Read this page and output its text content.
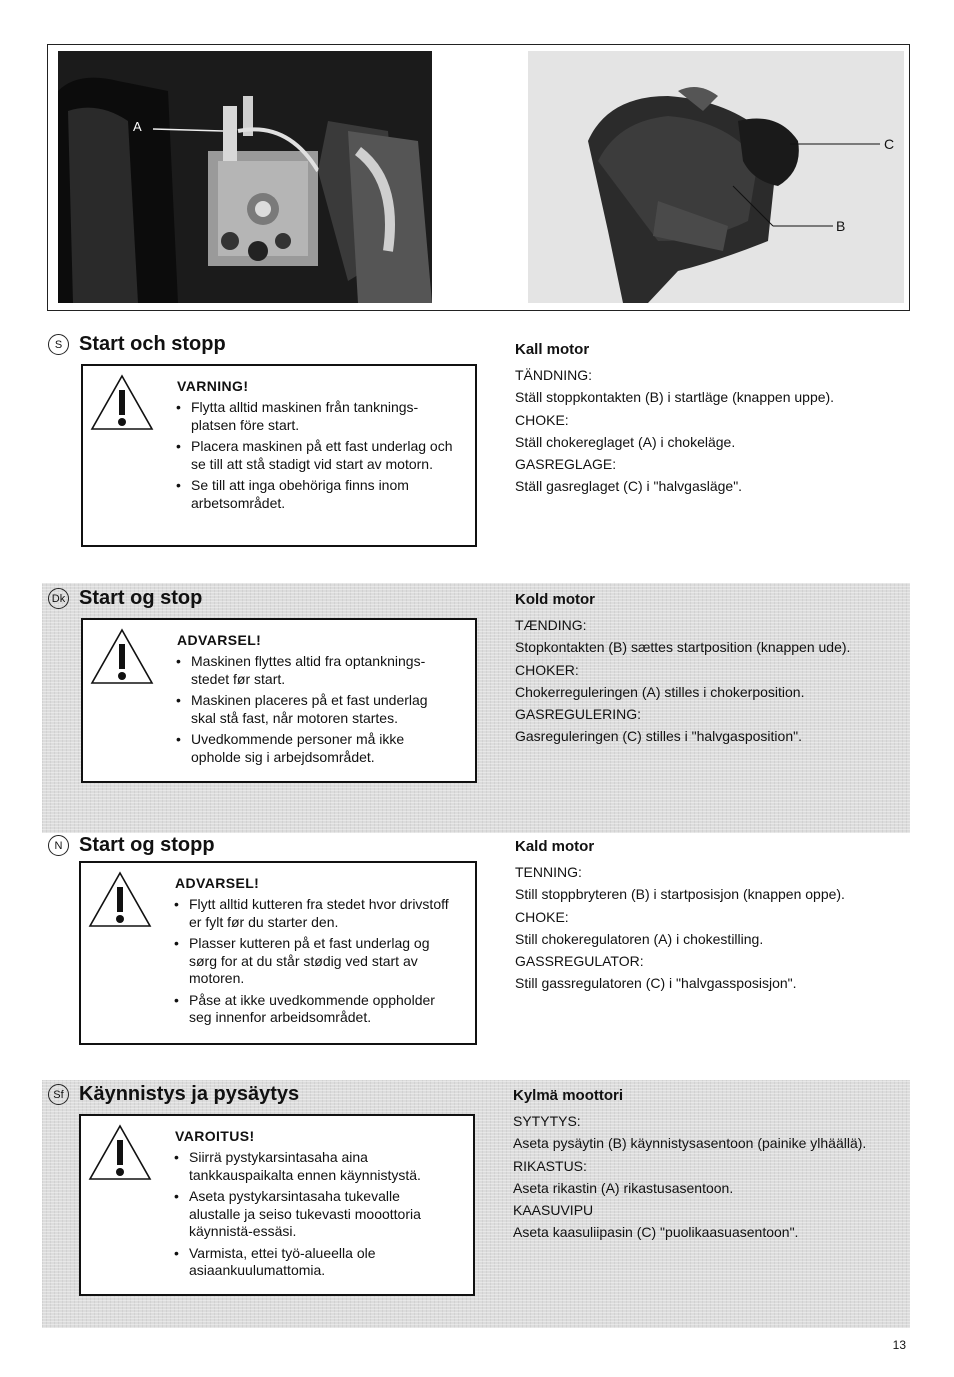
A
C
B
S Start och stopp
VARNING!
• Flytta alltid maskinen från tanknings-platsen före start.
• Placera maskinen på ett fast underlag och se till att stå stadigt vid start av motorn.
• Se till att inga obehöriga finns inom arbetsområdet.
Kall motor
TÄNDNING:
Ställ stoppkontakten (B) i startläge (knappen uppe).
CHOKE:
Ställ chokereglaget (A) i chokeläge.
GASREGLAGE:
Ställ gasreglaget (C) i "halvgasläge".
Dk Start og stop
ADVARSEL!
• Maskinen flyttes altid fra optanknings-stedet før start.
• Maskinen placeres på et fast underlag skal stå fast, når motoren startes.
• Uvedkommende personer må ikke opholde sig i arbejdsområdet.
Kold motor
TÆNDING:
Stopkontakten (B) sættes startposition (knappen ude).
CHOKER:
Chokerreguleringen (A) stilles i chokerposition.
GASREGULERING:
Gasreguleringen (C) stilles i "halvgasposition".
N Start og stopp
ADVARSEL!
• Flytt alltid kutteren fra stedet hvor drivstoff er fylt før du starter den.
• Plasser kutteren på et fast underlag og sørg for at du står stødig ved start av motoren.
• Påse at ikke uvedkommende oppholder seg innenfor arbeidsområdet.
Kald motor
TENNING:
Still stoppbryteren (B) i startposisjon (knappen oppe).
CHOKE:
Still chokeregulatoren (A) i chokestilling.
GASSREGULATOR:
Still gassregulatoren (C) i "halvgassposisjon".
Sf Käynnistys ja pysäytys
VAROITUS!
• Siirrä pystykarsintasaha aina tankkauspaikalta ennen käynnistystä.
• Aseta pystykarsintasaha tukevalle alustalle ja seiso tukevasti mooottoria käynnistä-essäsi.
• Varmista, ettei työ-alueella ole asiaankuulumattomia.
Kylmä moottori
SYTYTYS:
Aseta pysäytin (B) käynnistysasentoon (painike ylhäällä).
RIKASTUS:
Aseta rikastin (A) rikastusasentoon.
KAASUVIPU
Aseta kaasuliipasin (C) "puolikaasuasentoon".
13
